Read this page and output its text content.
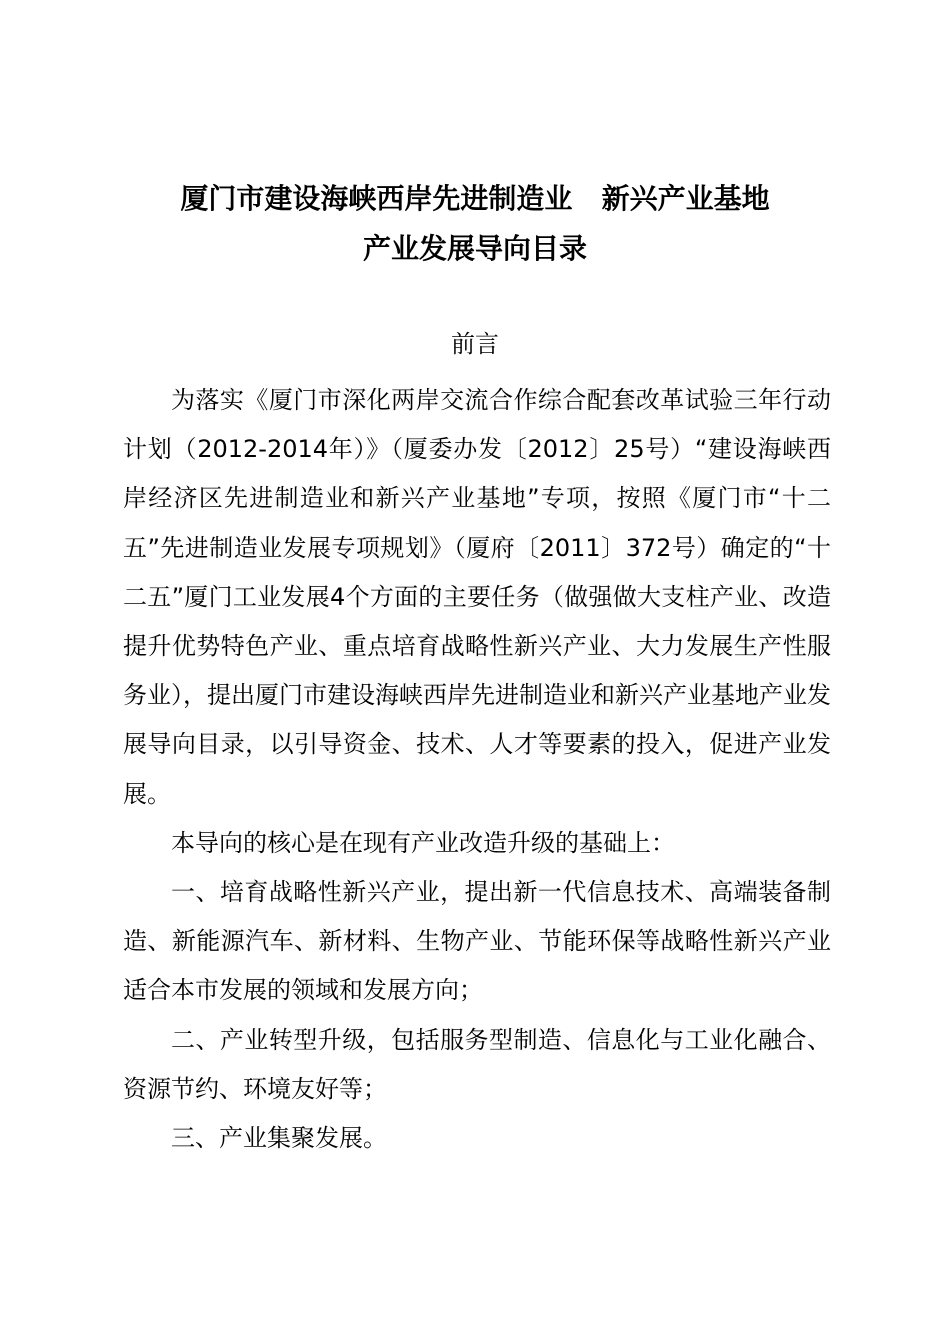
厦门市建设海峡西岸先进制造业   新兴产业基地
产业发展导向目录
前言

为落实《厦门市深化两岸交流合作综合配套改革试验三年行动计划（2012-2014年）》（厦委办发〔2012〕25号）“建设海峡西岸经济区先进制造业和新兴产业基地”专项，按照《厦门市“十二五”先进制造业发展专项规划》（厦府〔2011〕372号）确定的“十二五”厦门工业发展4个方面的主要任务（做强做大支柱产业、改造提升优势特色产业、重点培育战略性新兴产业、大力发展生产性服务业），提出厦门市建设海峡西岸先进制造业和新兴产业基地产业发展导向目录，以引导资金、技术、人才等要素的投入，促进产业发展。

本导向的核心是在现有产业改造升级的基础上：

一、培育战略性新兴产业，提出新一代信息技术、高端装备制造、新能源汽车、新材料、生物产业、节能环保等战略性新兴产业适合本市发展的领域和发展方向；

二、产业转型升级，包括服务型制造、信息化与工业化融合、资源节约、环境友好等；

三、产业集聚发展。
